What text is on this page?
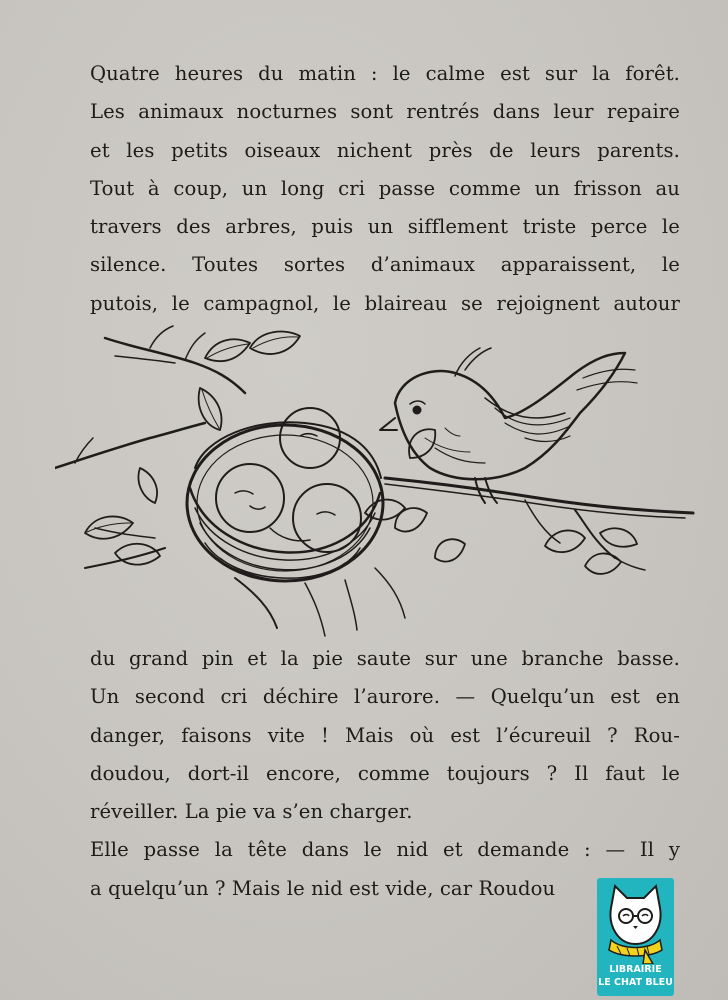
Quatre heures du matin : le calme est sur la forêt.
Les animaux nocturnes sont rentrés dans leur repaire
et les petits oiseaux nichent près de leurs parents.
Tout à coup, un long cri passe comme un frisson au
travers des arbres, puis un sifflement triste perce le
silence. Toutes sortes d’animaux apparaissent, le
putois, le campagnol, le blaireau se rejoignent autour
du grand pin et la pie saute sur une branche basse.
Un second cri déchire l’aurore. — Quelqu’un est en
danger, faisons vite ! Mais où est l’écureuil ? Rou-
doudou, dort-il encore, comme toujours ? Il faut le
réveiller. La pie va s’en charger.
Elle passe la tête dans le nid et demande : — Il y
a quelqu’un ? Mais le nid est vide, car Roudou
LIBRAIRIE
LE CHAT BLEU
